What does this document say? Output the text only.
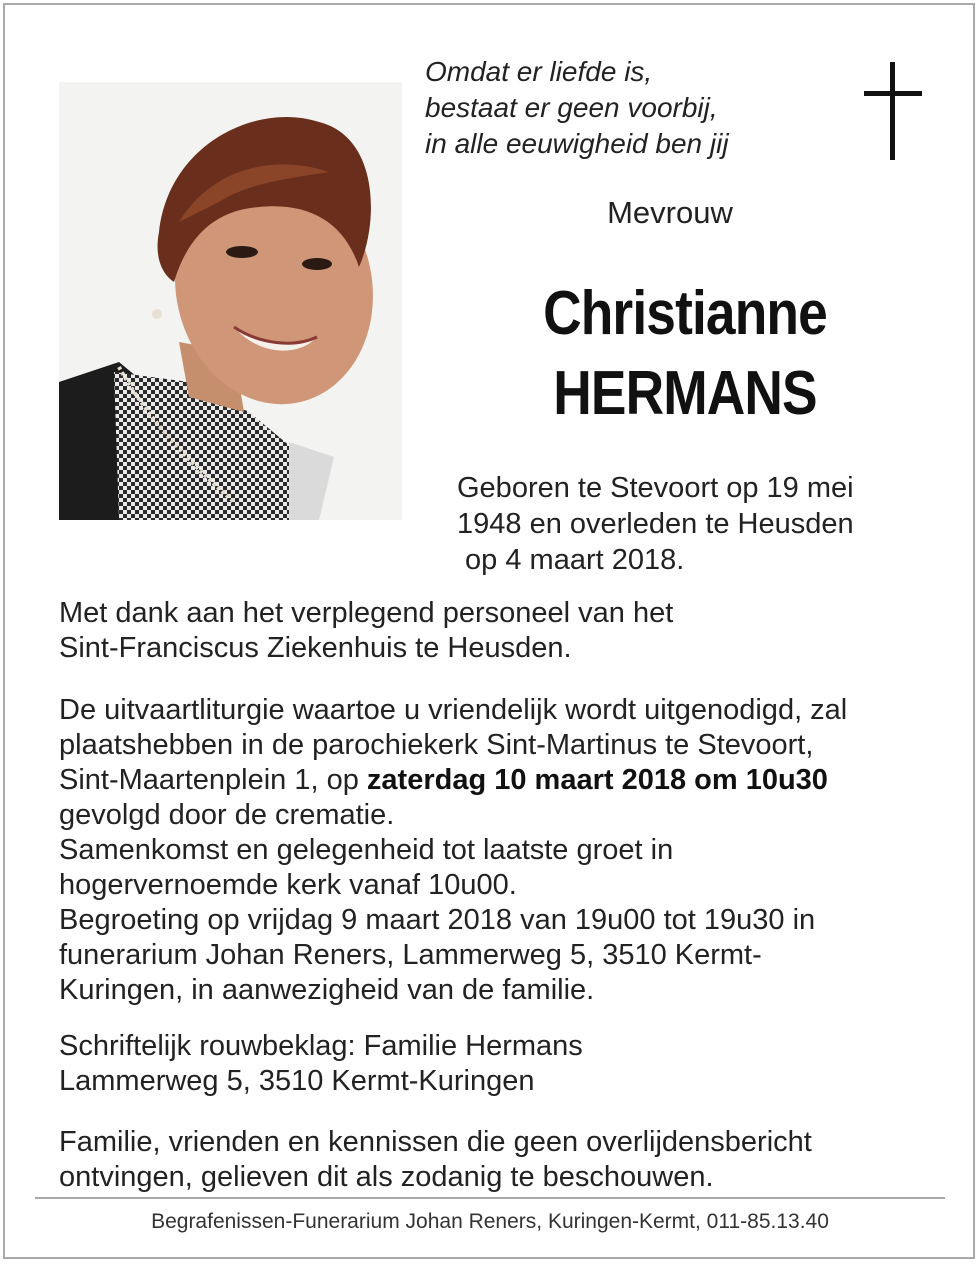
Omdat er liefde is,
bestaat er geen voorbij,
in alle eeuwigheid ben jij
Mevrouw
Christianne
HERMANS
Geboren te Stevoort op 19 mei
1948 en overleden te Heusden
op 4 maart 2018.
Met dank aan het verplegend personeel van het
Sint-Franciscus Ziekenhuis te Heusden.
De uitvaartliturgie waartoe u vriendelijk wordt uitgenodigd, zal
plaatshebben in de parochiekerk Sint-Martinus te Stevoort,
Sint-Maartenplein 1, op zaterdag 10 maart 2018 om 10u30
gevolgd door de crematie.
Samenkomst en gelegenheid tot laatste groet in
hogervernoemde kerk vanaf 10u00.
Begroeting op vrijdag 9 maart 2018 van 19u00 tot 19u30 in
funerarium Johan Reners, Lammerweg 5, 3510 Kermt-
Kuringen, in aanwezigheid van de familie.
Schriftelijk rouwbeklag: Familie Hermans
Lammerweg 5, 3510 Kermt-Kuringen
Familie, vrienden en kennissen die geen overlijdensbericht
ontvingen, gelieven dit als zodanig te beschouwen.
Begrafenissen-Funerarium Johan Reners, Kuringen-Kermt, 011-85.13.40
